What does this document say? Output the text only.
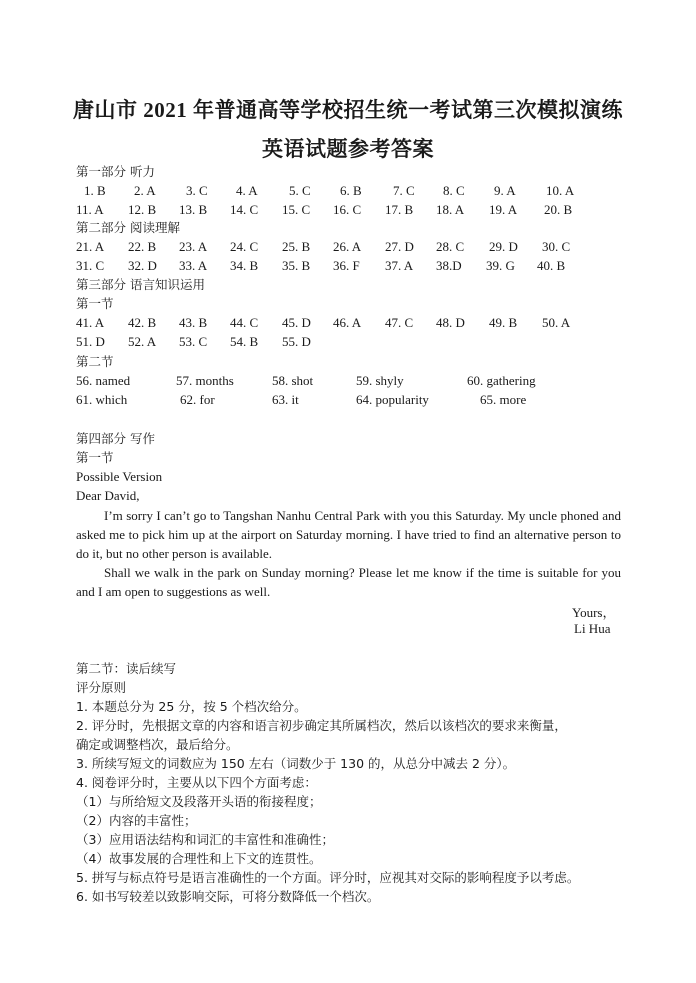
唐山市 2021 年普通高等学校招生统一考试第三次模拟演练
英语试题参考答案
第一部分 听力
1. B 2. A 3. C 4. A 5. C 6. B 7. C 8. C 9. A 10. A
11. A 12. B 13. B 14. C 15. C 16. C 17. B 18. A 19. A 20. B
第二部分 阅读理解
21. A 22. B 23. A 24. C 25. B 26. A 27. D 28. C 29. D 30. C
31. C 32. D 33. A 34. B 35. B 36. F 37. A 38.D 39. G 40. B
第三部分 语言知识运用
第一节
41. A 42. B 43. B 44. C 45. D 46. A 47. C 48. D 49. B 50. A
51. D 52. A 53. C 54. B 55. D
第二节
56. named	57. months	58. shot	59. shyly	60. gathering
61. which	62. for	63. it	64. popularity	65. more
第四部分 写作
第一节
Possible Version
Dear David,
I’m sorry I can’t go to Tangshan Nanhu Central Park with you this Saturday. My uncle phoned and asked me to pick him up at the airport on Saturday morning. I have tried to find an alternative person to do it, but no other person is available.
Shall we walk in the park on Sunday morning? Please let me know if the time is suitable for you and I am open to suggestions as well.
Yours，
Li Hua
第二节：读后续写
评分原则
1. 本题总分为 25 分，按 5 个档次给分。
2. 评分时，先根据文章的内容和语言初步确定其所属档次，然后以该档次的要求来衡量，
确定或调整档次，最后给分。
3. 所续写短文的词数应为 150 左右（词数少于 130 的，从总分中减去 2 分）。
4. 阅卷评分时，主要从以下四个方面考虑：
（1）与所给短文及段落开头语的衔接程度；
（2）内容的丰富性；
（3）应用语法结构和词汇的丰富性和准确性；
（4）故事发展的合理性和上下文的连贯性。
5. 拼写与标点符号是语言准确性的一个方面。评分时，应视其对交际的影响程度予以考虑。
6. 如书写较差以致影响交际，可将分数降低一个档次。
